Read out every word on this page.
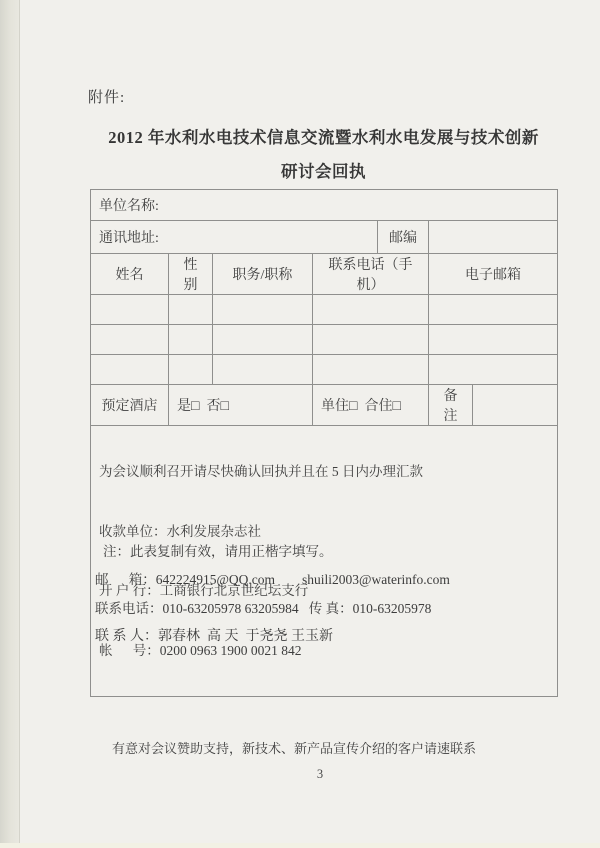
附件:
2012 年水利水电技术信息交流暨水利水电发展与技术创新
研讨会回执
单位名称:						
通讯地址:				邮编		
姓名	性别	职务/职称	联系电话（手机）		电子邮箱	

预定酒店	是□  否□		单住□  合住□		备注	

为会议顺利召开请尽快确认回执并且在 5 日内办理汇款

收款单位：水利发展杂志社

开 户 行：工商银行北京世纪坛支行

帐      号：0200 0963 1900 0021 842						

注：此表复制有效，请用正楷字填写。
邮      箱：642224915@QQ.com        shuili2003@waterinfo.com
联系电话：010-63205978 63205984   传 真：010-63205978
联 系 人：郭春林  高 天  于尧尧 王玉新
有意对会议赞助支持，新技术、新产品宣传介绍的客户请速联系
3
